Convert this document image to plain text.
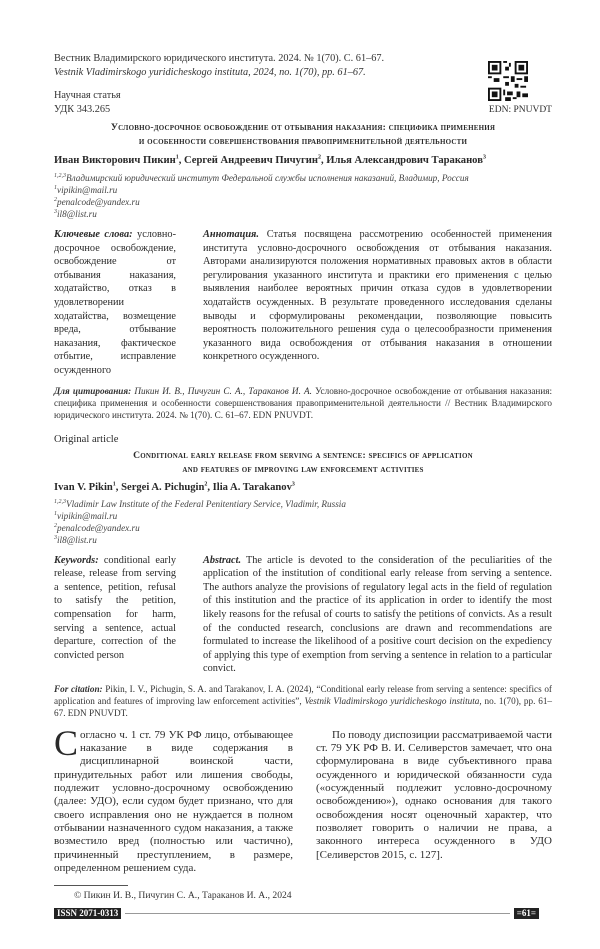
Вестник Владимирского юридического института. 2024. № 1(70). С. 61–67.
Vestnik Vladimirskogo yuridicheskogo instituta, 2024, no. 1(70), pp. 61–67.
Научная статья
УДК 343.265	EDN: PNUVDT
Условно-досрочное освобождение от отбывания наказания: специфика применения
и особенности совершенствования правоприменительной деятельности
Иван Викторович Пикин1, Сергей Андреевич Пичугин2, Илья Александрович Тараканов3
1,2,3Владимирский юридический институт Федеральной службы исполнения наказаний, Владимир, Россия
1vipikin@mail.ru
2penalcode@yandex.ru
3il8@list.ru
Ключевые слова: условно-досрочное освобождение, освобождение от отбывания наказания, ходатайство, отказ в удовлетворении ходатайства, возмещение вреда, отбывание наказания, фактическое отбытие, исправление осужденного
Аннотация. Статья посвящена рассмотрению особенностей применения института условно-досрочного освобождения от отбывания наказания. Авторами анализируются положения нормативных правовых актов в области регулирования указанного института и практики его применения с целью выявления наиболее вероятных причин отказа судов в удовлетворении ходатайств осужденных. В результате проведенного исследования сделаны выводы и сформулированы рекомендации, позволяющие повысить вероятность положительного решения суда о целесообразности применения указанного вида освобождения от отбывания наказания в отношении конкретного осужденного.
Для цитирования: Пикин И. В., Пичугин С. А., Тараканов И. А. Условно-досрочное освобождение от отбывания наказания: специфика применения и особенности совершенствования правоприменительной деятельности // Вестник Владимирского юридического института. 2024. № 1(70). С. 61–67. EDN PNUVDT.
Original article
Conditional early release from serving a sentence: specifics of application
and features of improving law enforcement activities
Ivan V. Pikin1, Sergei A. Pichugin2, Ilia A. Tarakanov3
1,2,3Vladimir Law Institute of the Federal Penitentiary Service, Vladimir, Russia
1vipikin@mail.ru
2penalcode@yandex.ru
3il8@list.ru
Keywords: conditional early release, release from serving a sentence, petition, refusal to satisfy the petition, compensation for harm, serving a sentence, actual departure, correction of the convicted person
Abstract. The article is devoted to the consideration of the peculiarities of the application of the institution of conditional early release from serving a sentence. The authors analyze the provisions of regulatory legal acts in the field of regulation of this institution and the practice of its application in order to identify the most likely reasons for the refusal of courts to satisfy the petitions of convicts. As a result of the conducted research, conclusions are drawn and recommendations are formulated to increase the likelihood of a positive court decision on the expediency of applying this type of exemption from serving a sentence in relation to a particular convict.
For citation: Pikin, I. V., Pichugin, S. A. and Tarakanov, I. A. (2024), “Conditional early release from serving a sentence: specifics of application and features of improving law enforcement activities”, Vestnik Vladimirskogo yuridicheskogo instituta, no. 1(70), pp. 61–67. EDN PNUVDT.
С огласно ч. 1 ст. 79 УК РФ лицо, отбывающее наказание в виде содержания в дисциплинарной воинской части, принудительных работ или лишения свободы, подлежит условно-досрочному освобождению (далее: УДО), если судом будет признано, что для своего исправления оно не нуждается в полном отбывании назначенного судом наказания, а также возместило вред (полностью или частично), причиненный преступлением, в размере, определенном решением суда.
По поводу диспозиции рассматриваемой части ст. 79 УК РФ В. И. Селиверстов замечает, что она сформулирована в виде субъективного права осужденного и юридической обязанности суда («осужденный подлежит условно-досрочному освобождению»), однако основания для такого освобождения носят оценочный характер, что позволяет говорить о наличии не права, а законного интереса осужденного в УДО [Селиверстов 2015, с. 127].
© Пикин И. В., Пичугин С. А., Тараканов И. А., 2024
ISSN 2071-0313	=61=
